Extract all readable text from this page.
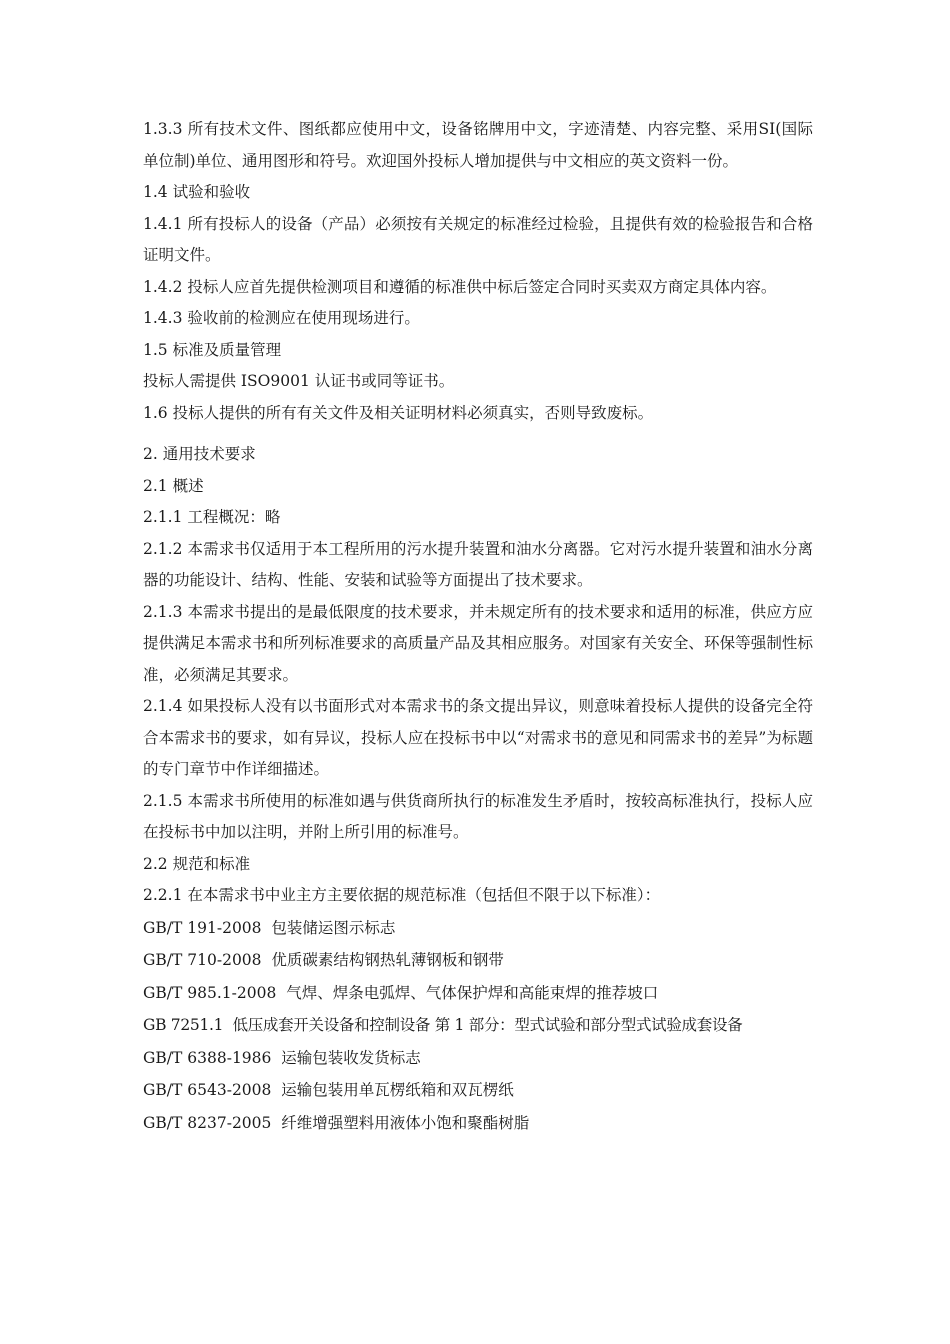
1.3.3 所有技术文件、图纸都应使用中文，设备铭牌用中文，字迹清楚、内容完整、采用SI(国际单位制)单位、通用图形和符号。欢迎国外投标人增加提供与中文相应的英文资料一份。

1.4 试验和验收

1.4.1 所有投标人的设备（产品）必须按有关规定的标准经过检验，且提供有效的检验报告和合格证明文件。

1.4.2 投标人应首先提供检测项目和遵循的标准供中标后签定合同时买卖双方商定具体内容。

1.4.3 验收前的检测应在使用现场进行。

1.5 标准及质量管理

投标人需提供 ISO9001 认证书或同等证书。

1.6 投标人提供的所有有关文件及相关证明材料必须真实，否则导致废标。

2. 通用技术要求

2.1 概述

2.1.1 工程概况：略

2.1.2 本需求书仅适用于本工程所用的污水提升装置和油水分离器。它对污水提升装置和油水分离器的功能设计、结构、性能、安装和试验等方面提出了技术要求。

2.1.3 本需求书提出的是最低限度的技术要求，并未规定所有的技术要求和适用的标准，供应方应提供满足本需求书和所列标准要求的高质量产品及其相应服务。对国家有关安全、环保等强制性标准，必须满足其要求。

2.1.4 如果投标人没有以书面形式对本需求书的条文提出异议，则意味着投标人提供的设备完全符合本需求书的要求，如有异议，投标人应在投标书中以“对需求书的意见和同需求书的差异”为标题的专门章节中作详细描述。

2.1.5 本需求书所使用的标准如遇与供货商所执行的标准发生矛盾时，按较高标准执行，投标人应在投标书中加以注明，并附上所引用的标准号。

2.2 规范和标准

2.2.1 在本需求书中业主方主要依据的规范标准（包括但不限于以下标准）：

GB/T 191-2008 包装储运图示标志

GB/T 710-2008 优质碳素结构钢热轧薄钢板和钢带

GB/T 985.1-2008 气焊、焊条电弧焊、气体保护焊和高能束焊的推荐坡口

GB 7251.1 低压成套开关设备和控制设备 第 1 部分：型式试验和部分型式试验成套设备

GB/T 6388-1986 运输包装收发货标志

GB/T 6543-2008 运输包装用单瓦楞纸箱和双瓦楞纸

GB/T 8237-2005 纤维增强塑料用液体小饱和聚酯树脂
